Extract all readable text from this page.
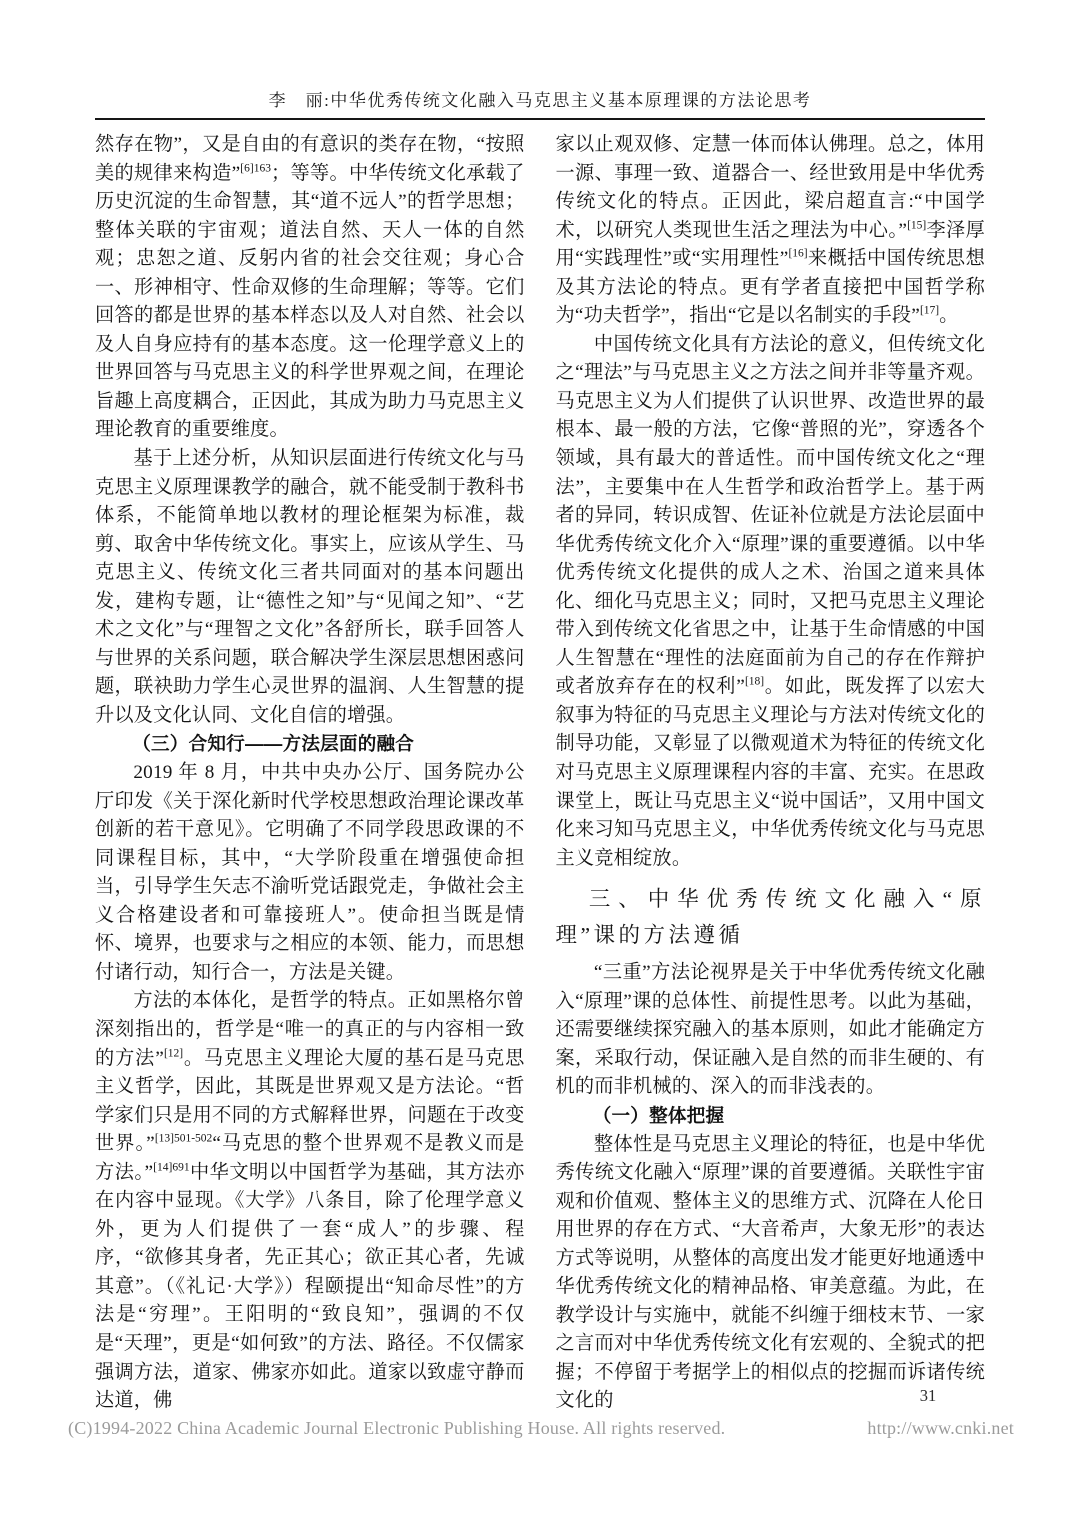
李　丽:中华优秀传统文化融入马克思主义基本原理课的方法论思考

然存在物”，又是自由的有意识的类存在物，“按照美的规律来构造”$^{[6]163}$；等等。中华传统文化承载了历史沉淀的生命智慧，其“道不远人”的哲学思想；整体关联的宇宙观；道法自然、天人一体的自然观；忠恕之道、反躬内省的社会交往观；身心合一、形神相守、性命双修的生命理解；等等。它们回答的都是世界的基本样态以及人对自然、社会以及人自身应持有的基本态度。这一伦理学意义上的世界回答与马克思主义的科学世界观之间，在理论旨趣上高度耦合，正因此，其成为助力马克思主义理论教育的重要维度。

基于上述分析，从知识层面进行传统文化与马克思主义原理课教学的融合，就不能受制于教科书体系，不能简单地以教材的理论框架为标准，裁剪、取舍中华传统文化。事实上，应该从学生、马克思主义、传统文化三者共同面对的基本问题出发，建构专题，让“德性之知”与“见闻之知”、“艺术之文化”与“理智之文化”各舒所长，联手回答人与世界的关系问题，联合解决学生深层思想困惑问题，联袂助力学生心灵世界的温润、人生智慧的提升以及文化认同、文化自信的增强。

（三）合知行——方法层面的融合

2019 年 8 月，中共中央办公厅、国务院办公厅印发《关于深化新时代学校思想政治理论课改革创新的若干意见》。它明确了不同学段思政课的不同课程目标，其中，“大学阶段重在增强使命担当，引导学生矢志不渝听党话跟党走，争做社会主义合格建设者和可靠接班人”。使命担当既是情怀、境界，也要求与之相应的本领、能力，而思想付诸行动，知行合一，方法是关键。

方法的本体化，是哲学的特点。正如黑格尔曾深刻指出的，哲学是“唯一的真正的与内容相一致的方法”[12]。马克思主义理论大厦的基石是马克思主义哲学，因此，其既是世界观又是方法论。“哲学家们只是用不同的方式解释世界，问题在于改变世界。”$^{[13]501-502}$“马克思的整个世界观不是教义而是方法。”$^{[14]691}$中华文明以中国哲学为基础，其方法亦在内容中显现。《大学》八条目，除了伦理学意义外，更为人们提供了一套“成人”的步骤、程序，“欲修其身者，先正其心；欲正其心者，先诚其意”。（《礼记·大学》）程颐提出“知命尽性”的方法是“穷理”。王阳明的“致良知”，强调的不仅是“天理”，更是“如何致”的方法、路径。不仅儒家强调方法，道家、佛家亦如此。道家以致虚守静而达道，佛

家以止观双修、定慧一体而体认佛理。总之，体用一源、事理一致、道器合一、经世致用是中华优秀传统文化的特点。正因此，梁启超直言:“中国学术，以研究人类现世生活之理法为中心。”[15]李泽厚用“实践理性”或“实用理性”[16]来概括中国传统思想及其方法论的特点。更有学者直接把中国哲学称为“功夫哲学”，指出“它是以名制实的手段”[17]。

中国传统文化具有方法论的意义，但传统文化之“理法”与马克思主义之方法之间并非等量齐观。马克思主义为人们提供了认识世界、改造世界的最根本、最一般的方法，它像“普照的光”，穿透各个领域，具有最大的普适性。而中国传统文化之“理法”，主要集中在人生哲学和政治哲学上。基于两者的异同，转识成智、佐证补位就是方法论层面中华优秀传统文化介入“原理”课的重要遵循。以中华优秀传统文化提供的成人之术、治国之道来具体化、细化马克思主义；同时，又把马克思主义理论带入到传统文化省思之中，让基于生命情感的中国人生智慧在“理性的法庭面前为自己的存在作辩护或者放弃存在的权利”[18]。如此，既发挥了以宏大叙事为特征的马克思主义理论与方法对传统文化的制导功能，又彰显了以微观道术为特征的传统文化对马克思主义原理课程内容的丰富、充实。在思政课堂上，既让马克思主义“说中国话”，又用中国文化来习知马克思主义，中华优秀传统文化与马克思主义竞相绽放。

三、中华优秀传统文化融入“原理”课的方法遵循

“三重”方法论视界是关于中华优秀传统文化融入“原理”课的总体性、前提性思考。以此为基础，还需要继续探究融入的基本原则，如此才能确定方案，采取行动，保证融入是自然的而非生硬的、有机的而非机械的、深入的而非浅表的。

（一）整体把握

整体性是马克思主义理论的特征，也是中华优秀传统文化融入“原理”课的首要遵循。关联性宇宙观和价值观、整体主义的思维方式、沉降在人伦日用世界的存在方式、“大音希声，大象无形”的表达方式等说明，从整体的高度出发才能更好地通透中华优秀传统文化的精神品格、审美意蕴。为此，在教学设计与实施中，就能不纠缠于细枝末节、一家之言而对中华优秀传统文化有宏观的、全貌式的把握；不停留于考据学上的相似点的挖掘而诉诸传统文化的	31
(C)1994-2022 China Academic Journal Electronic Publishing House. All rights reserved.	http://www.cnki.net
